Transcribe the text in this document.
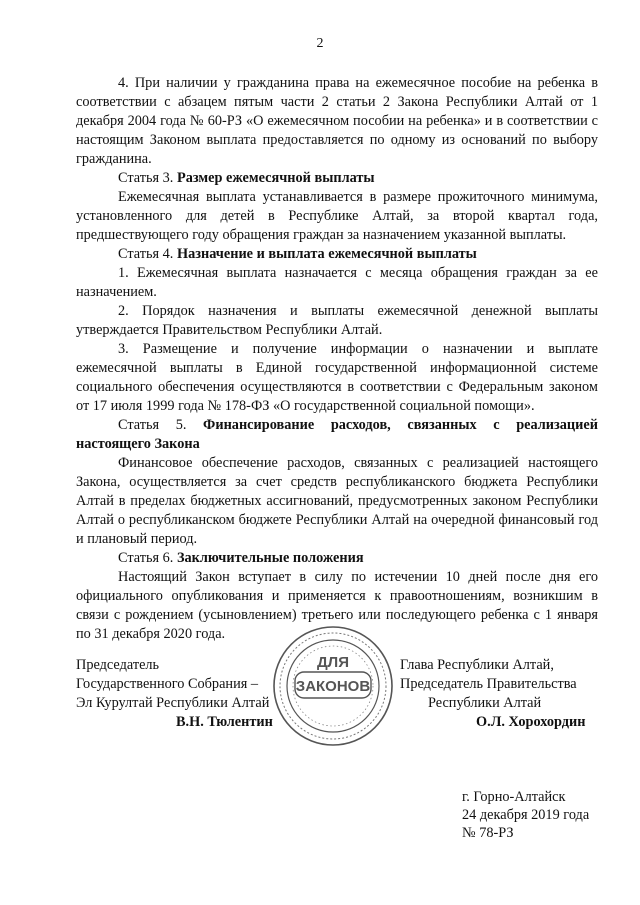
2

4. При наличии у гражданина права на ежемесячное пособие на ребенка в соответствии с абзацем пятым части 2 статьи 2 Закона Республики Алтай от 1 декабря 2004 года № 60-РЗ «О ежемесячном пособии на ребенка» и в соответствии с настоящим Законом выплата предоставляется по одному из оснований по выбору гражданина.

Статья 3. Размер ежемесячной выплаты

Ежемесячная выплата устанавливается в размере прожиточного минимума, установленного для детей в Республике Алтай, за второй квартал года, предшествующего году обращения граждан за назначением указанной выплаты.

Статья 4. Назначение и выплата ежемесячной выплаты

1. Ежемесячная выплата назначается с месяца обращения граждан за ее назначением.

2. Порядок назначения и выплаты ежемесячной денежной выплаты утверждается Правительством Республики Алтай.

3. Размещение и получение информации о назначении и выплате ежемесячной выплаты в Единой государственной информационной системе социального обеспечения осуществляются в соответствии с Федеральным законом от 17 июля 1999 года № 178-ФЗ «О государственной социальной помощи».

Статья 5. Финансирование расходов, связанных с реализацией настоящего Закона

Финансовое обеспечение расходов, связанных с реализацией настоящего Закона, осуществляется за счет средств республиканского бюджета Республики Алтай в пределах бюджетных ассигнований, предусмотренных законом Республики Алтай о республиканском бюджете Республики Алтай на очередной финансовый год и плановый период.

Статья 6. Заключительные положения

Настоящий Закон вступает в силу по истечении 10 дней после дня его официального опубликования и применяется к правоотношениям, возникшим в связи с рождением (усыновлением) третьего или последующего ребенка с 1 января по 31 декабря 2020 года.

ДЛЯ
ЗАКОНОВ
Председатель
Государственного Собрания –
Эл Курултай Республики Алтай
В.Н. Тюлентин
Глава Республики Алтай,
Председатель Правительства
Республики Алтай
О.Л. Хорохордин
г. Горно-Алтайск
24 декабря 2019 года
№ 78-РЗ
